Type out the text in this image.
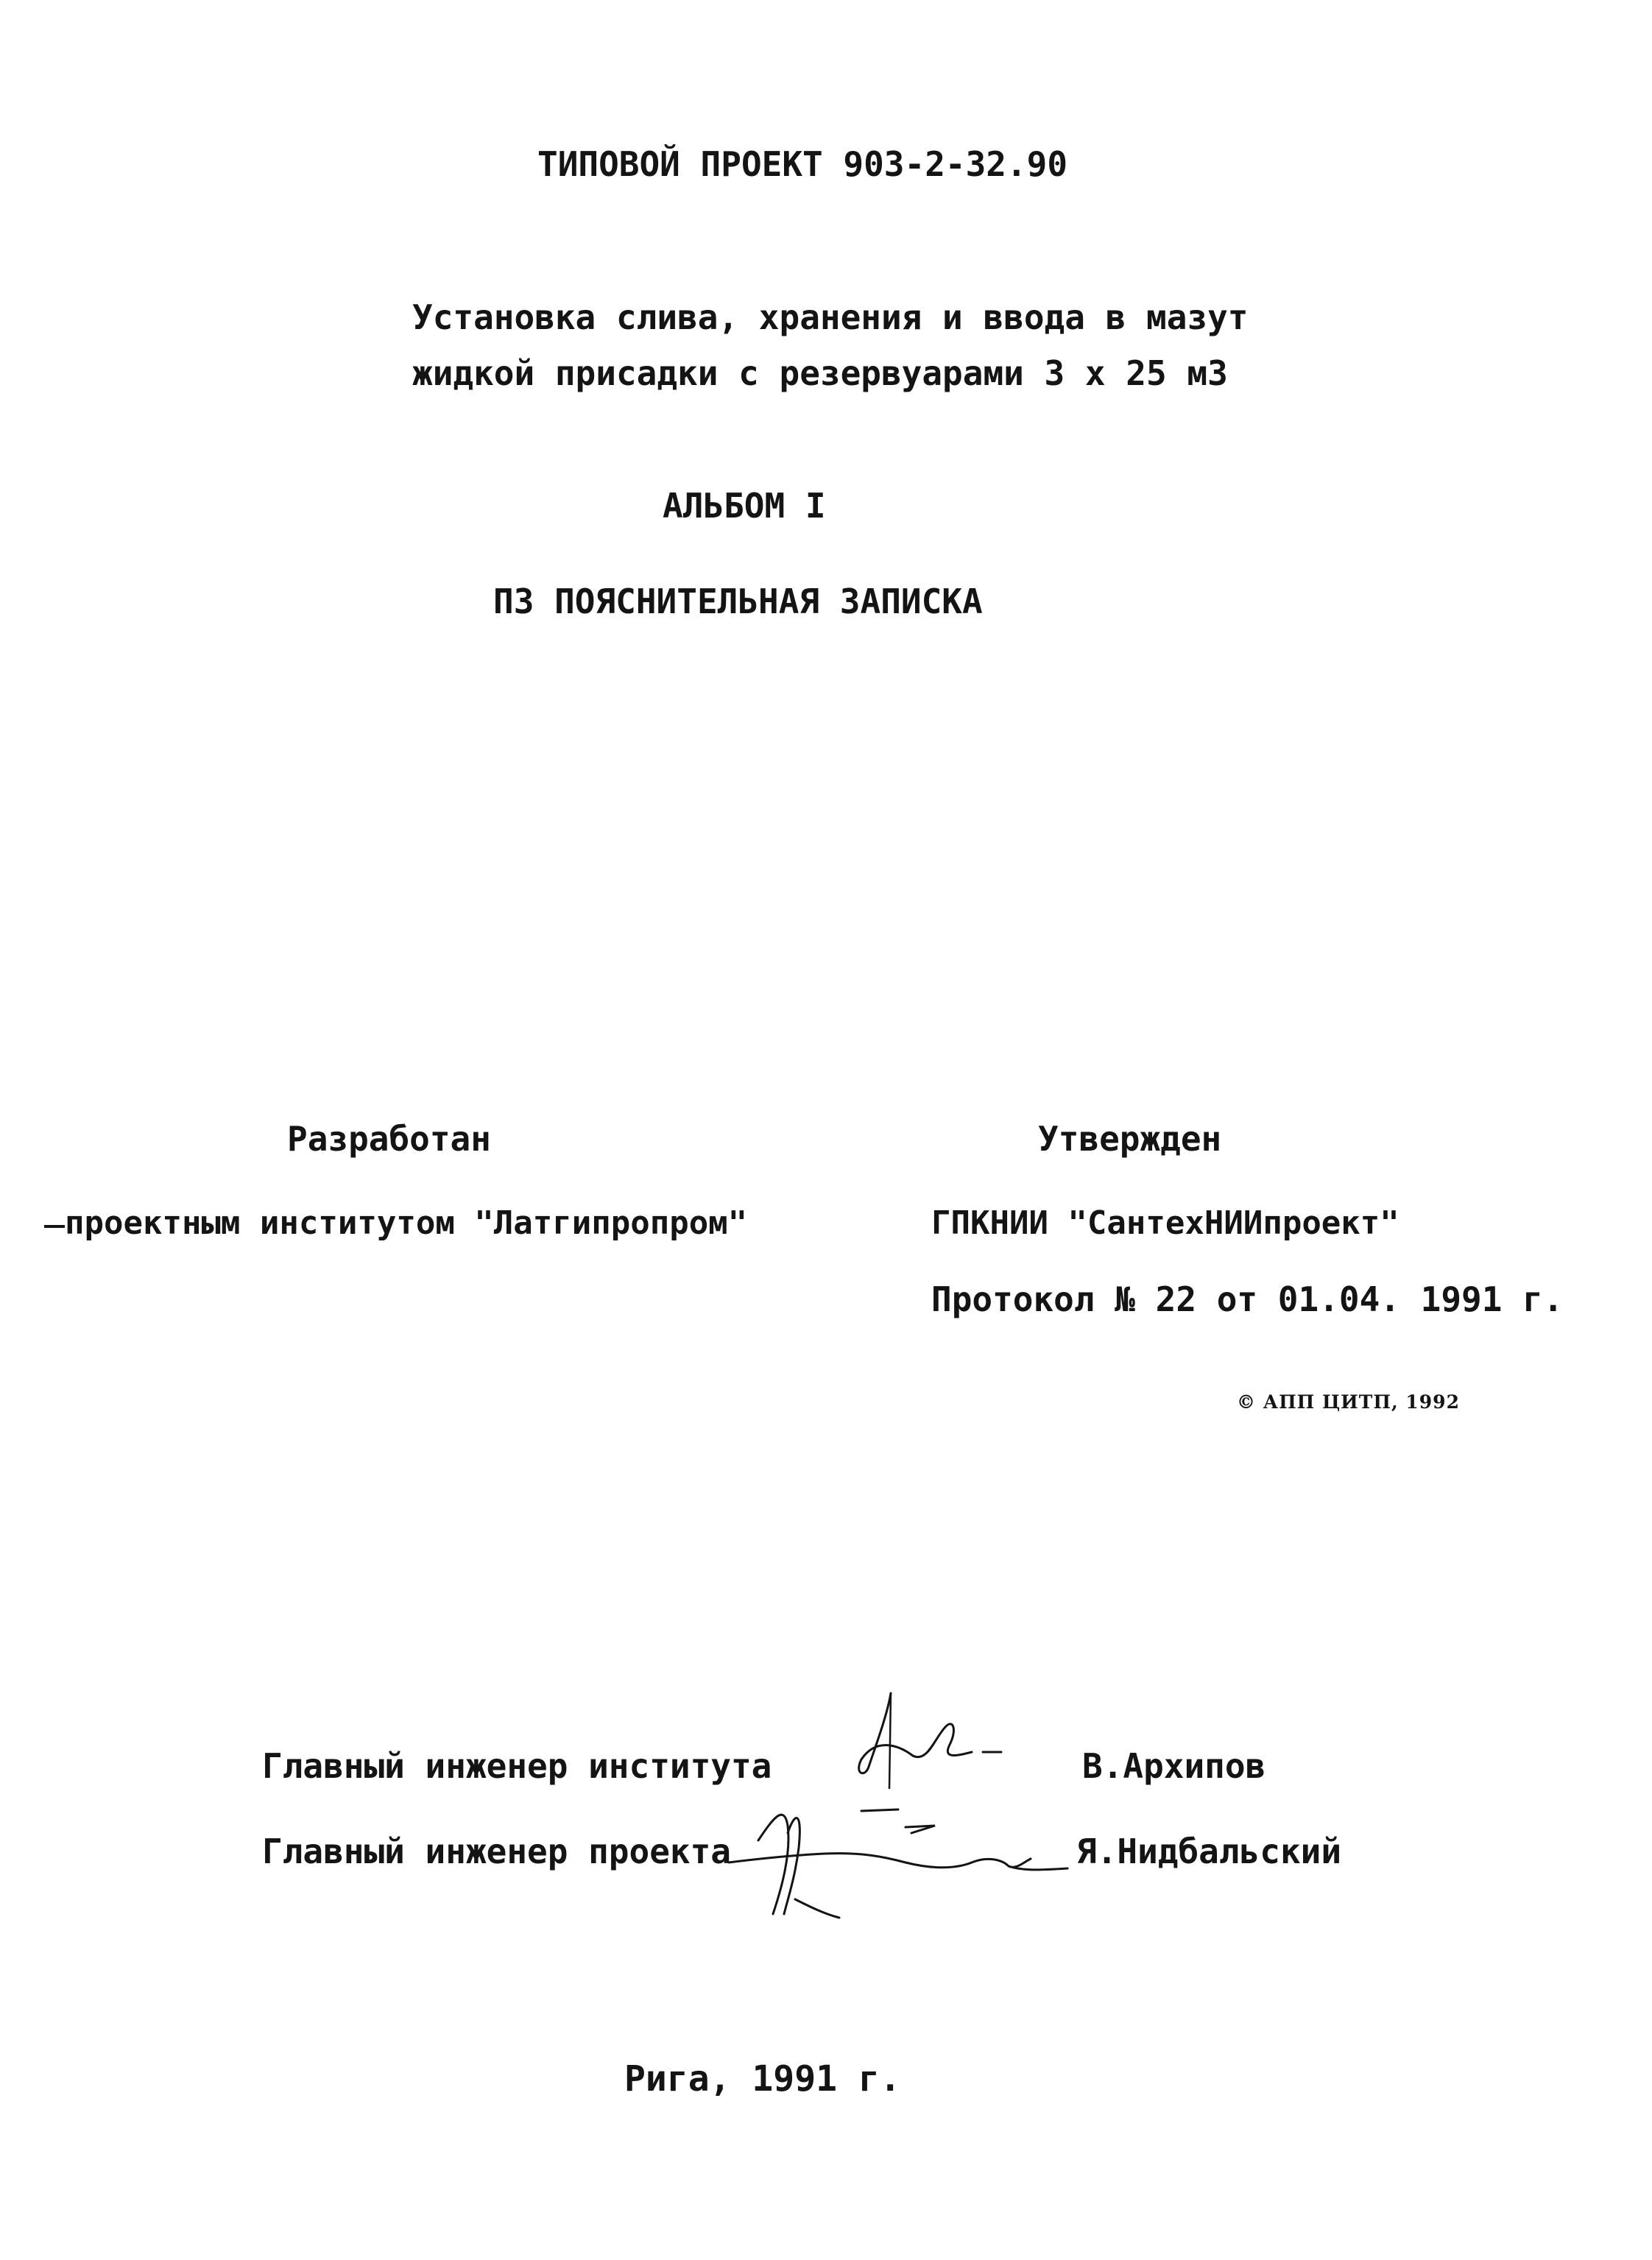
ТИПОВОЙ ПРОЕКТ 903-2-32.90
Установка слива, хранения и ввода в мазут
жидкой присадки с резервуарами 3 х 25 м3
АЛЬБОМ I
ПЗ ПОЯСНИТЕЛЬНАЯ ЗАПИСКА
Разработан
проектным институтом "Латгипропром"
Утвержден
ГПКНИИ "СантехНИИпроект"
Протокол № 22 от 01.04. 1991 г.
© АПП ЦИТП, 1992
Главный инженер института	В.Архипов
Главный инженер проекта	Я.Нидбальский
Рига, 1991 г.
